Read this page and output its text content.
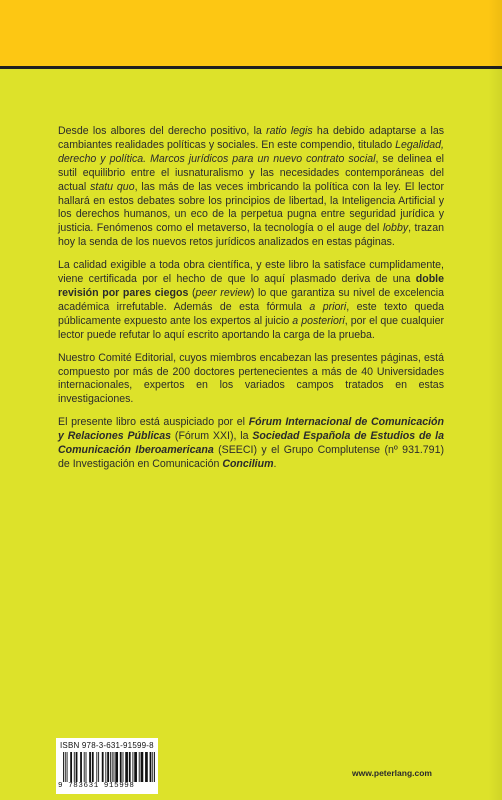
Desde los albores del derecho positivo, la ratio legis ha debido adaptarse a las cambiantes realidades políticas y sociales. En este compendio, titulado Legalidad, derecho y política. Marcos jurídicos para un nuevo contrato social, se delinea el sutil equilibrio entre el iusnaturalismo y las necesidades contemporáneas del actual statu quo, las más de las veces imbricando la política con la ley. El lector hallará en estos debates sobre los principios de libertad, la Inteligencia Artificial y los derechos humanos, un eco de la perpetua pugna entre seguridad jurídica y justicia. Fenómenos como el metaverso, la tecnología o el auge del lobby, trazan hoy la senda de los nuevos retos jurídicos analizados en estas páginas.

La calidad exigible a toda obra científica, y este libro la satisface cumplidamente, viene certificada por el hecho de que lo aquí plasmado deriva de una doble revisión por pares ciegos (peer review) lo que garantiza su nivel de excelencia académica irrefutable. Además de esta fórmula a priori, este texto queda públicamente expuesto ante los expertos al juicio a posteriori, por el que cualquier lector puede refutar lo aquí escrito aportando la carga de la prueba.

Nuestro Comité Editorial, cuyos miembros encabezan las presentes páginas, está compuesto por más de 200 doctores pertenecientes a más de 40 Universidades internacionales, expertos en los variados campos tratados en estas investigaciones.

El presente libro está auspiciado por el Fórum Internacional de Comunicación y Relaciones Públicas (Fórum XXI), la Sociedad Española de Estudios de la Comunicación Iberoamericana (SEECI) y el Grupo Complutense (nº 931.791) de Investigación en Comunicación Concilium.

ISBN 978-3-631-91599-8
9 783631 915998
www.peterlang.com
